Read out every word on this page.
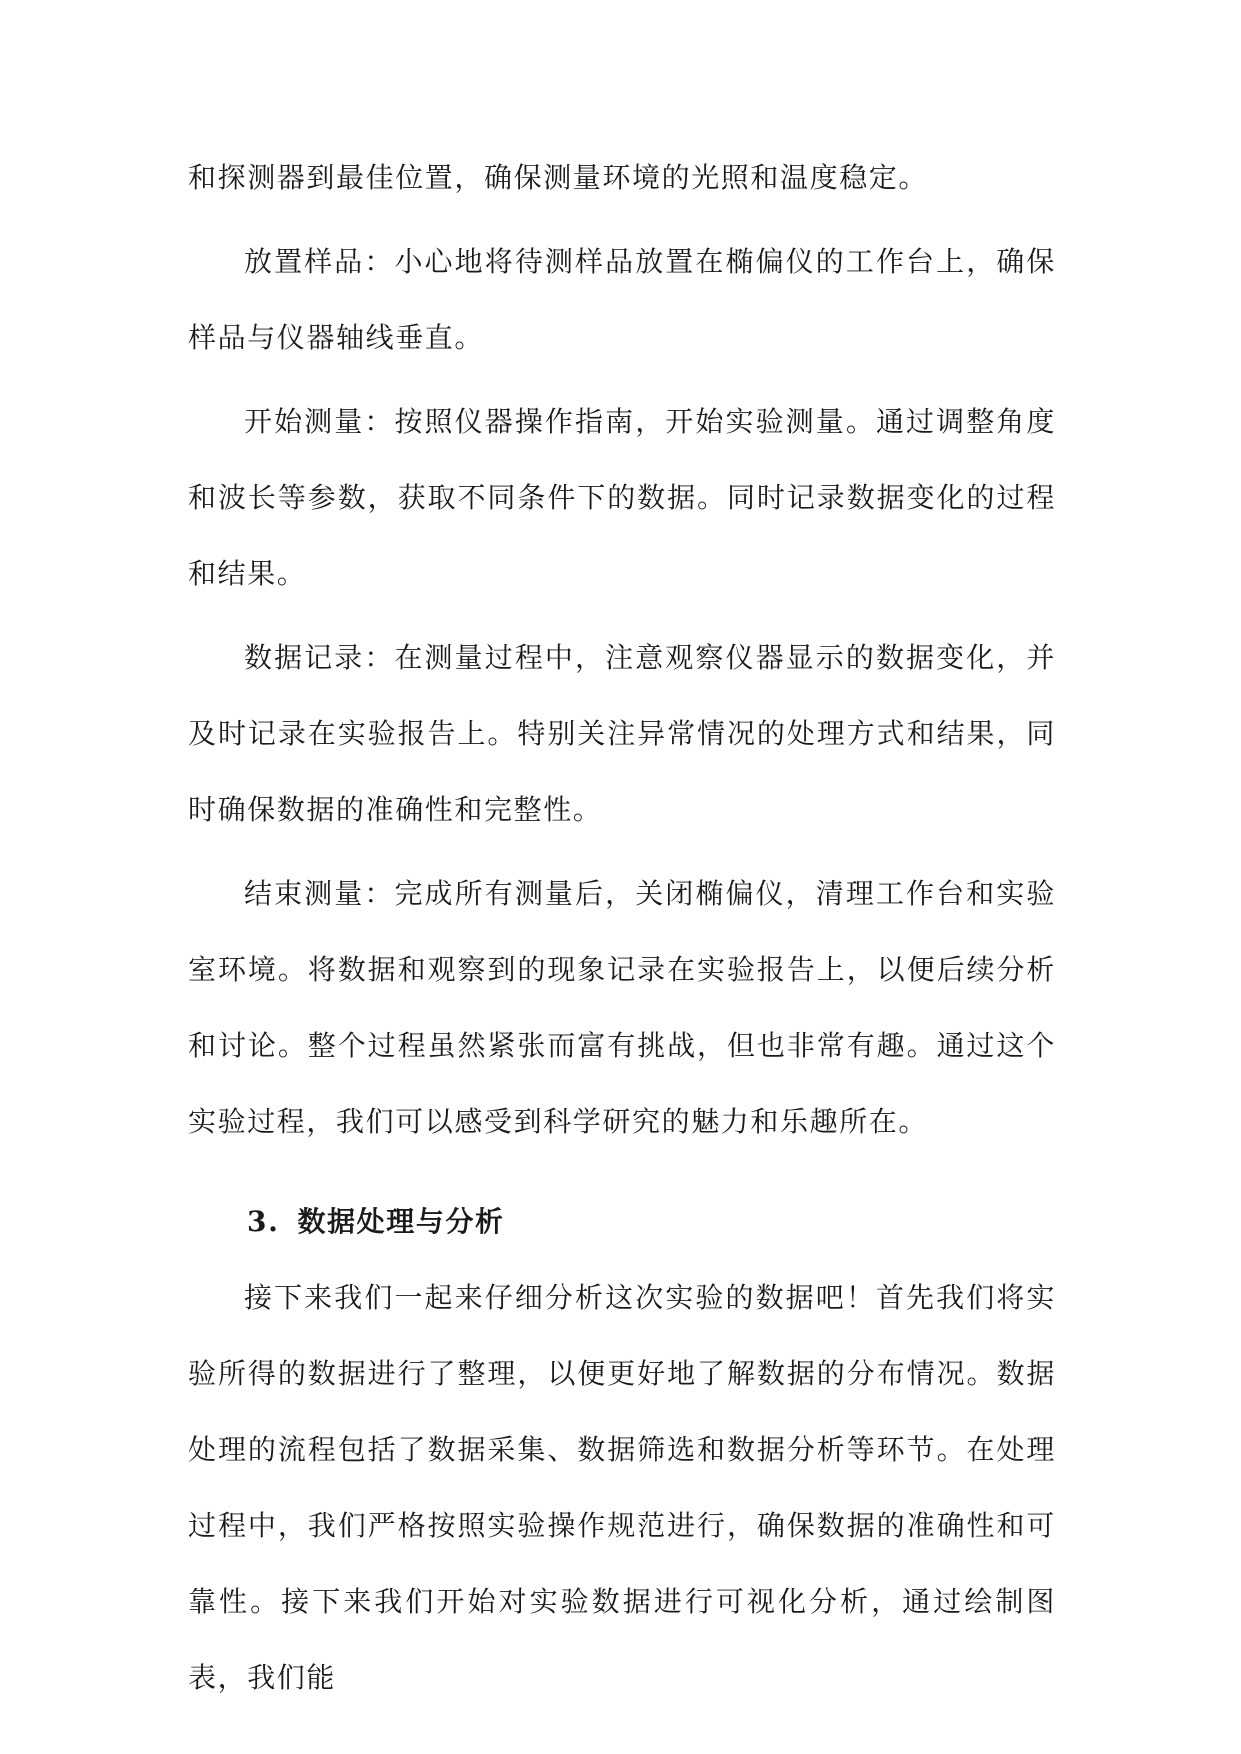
和探测器到最佳位置，确保测量环境的光照和温度稳定。

放置样品：小心地将待测样品放置在椭偏仪的工作台上，确保样品与仪器轴线垂直。

开始测量：按照仪器操作指南，开始实验测量。通过调整角度和波长等参数，获取不同条件下的数据。同时记录数据变化的过程和结果。

数据记录：在测量过程中，注意观察仪器显示的数据变化，并及时记录在实验报告上。特别关注异常情况的处理方式和结果，同时确保数据的准确性和完整性。

结束测量：完成所有测量后，关闭椭偏仪，清理工作台和实验室环境。将数据和观察到的现象记录在实验报告上，以便后续分析和讨论。整个过程虽然紧张而富有挑战，但也非常有趣。通过这个实验过程，我们可以感受到科学研究的魅力和乐趣所在。

3. 数据处理与分析

接下来我们一起来仔细分析这次实验的数据吧！首先我们将实验所得的数据进行了整理，以便更好地了解数据的分布情况。数据处理的流程包括了数据采集、数据筛选和数据分析等环节。在处理过程中，我们严格按照实验操作规范进行，确保数据的准确性和可靠性。接下来我们开始对实验数据进行可视化分析，通过绘制图表，我们能
